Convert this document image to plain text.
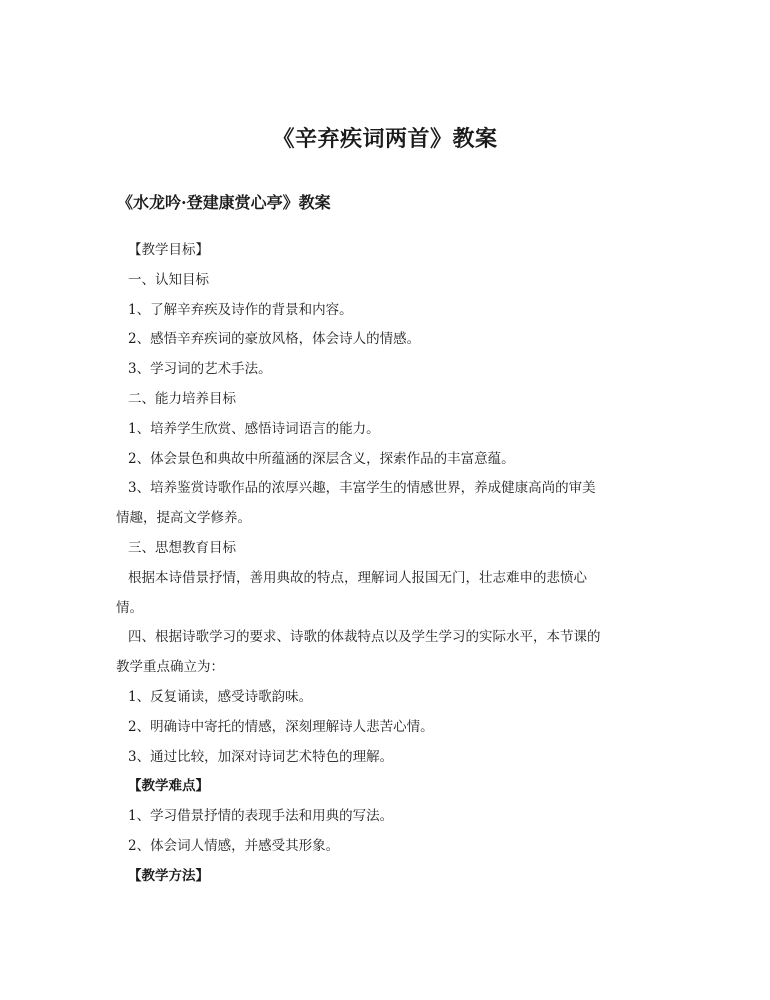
《辛弃疾词两首》教案
《水龙吟·登建康赏心亭》教案
【教学目标】
一、认知目标
1、了解辛弃疾及诗作的背景和内容。
2、感悟辛弃疾词的豪放风格，体会诗人的情感。
3、学习词的艺术手法。
二、能力培养目标
1、培养学生欣赏、感悟诗词语言的能力。
2、体会景色和典故中所蕴涵的深层含义，探索作品的丰富意蕴。
3、培养鉴赏诗歌作品的浓厚兴趣，丰富学生的情感世界，养成健康高尚的审美
情趣，提高文学修养。
三、思想教育目标
根据本诗借景抒情，善用典故的特点，理解词人报国无门，壮志难申的悲愤心
情。
四、根据诗歌学习的要求、诗歌的体裁特点以及学生学习的实际水平，本节课的
教学重点确立为：
1、反复诵读，感受诗歌韵味。
2、明确诗中寄托的情感，深刻理解诗人悲苦心情。
3、通过比较，加深对诗词艺术特色的理解。
【教学难点】
1、学习借景抒情的表现手法和用典的写法。
2、体会词人情感，并感受其形象。
【教学方法】
